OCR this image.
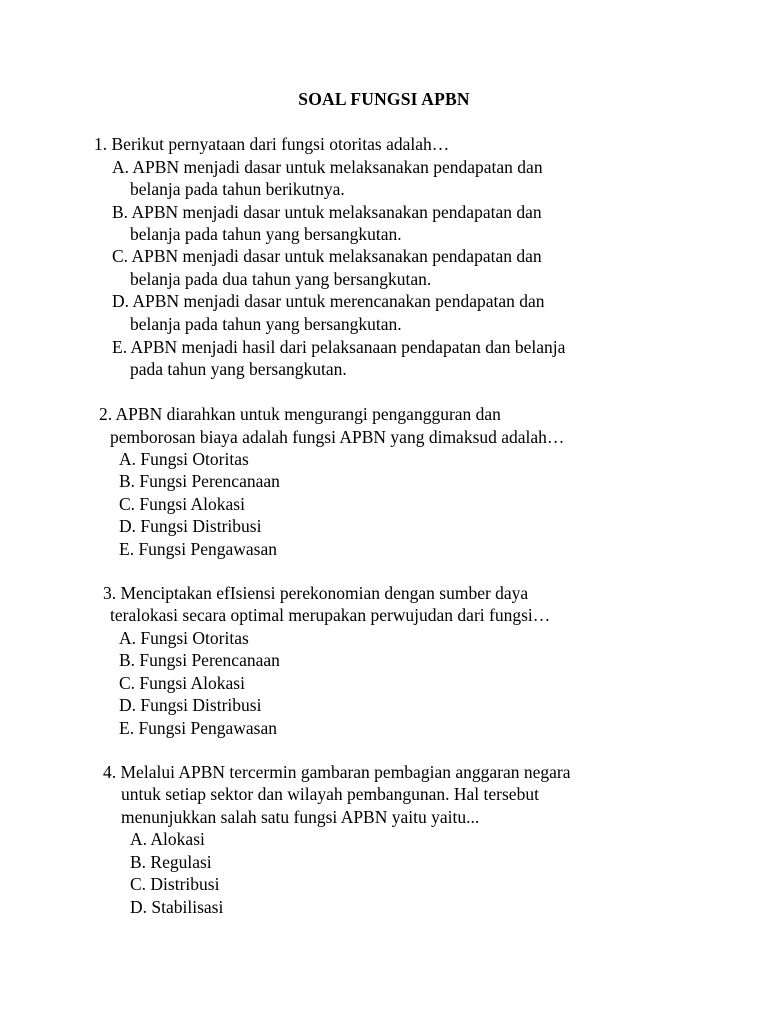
SOAL FUNGSI APBN
1. Berikut pernyataan dari fungsi otoritas adalah…
A. APBN menjadi dasar untuk melaksanakan pendapatan dan
belanja pada tahun berikutnya.
B. APBN menjadi dasar untuk melaksanakan pendapatan dan
belanja pada tahun yang bersangkutan.
C. APBN menjadi dasar untuk melaksanakan pendapatan dan
belanja pada dua tahun yang bersangkutan.
D. APBN menjadi dasar untuk merencanakan pendapatan dan
belanja pada tahun yang bersangkutan.
E. APBN menjadi hasil dari pelaksanaan pendapatan dan belanja
pada tahun yang bersangkutan.
2. APBN diarahkan untuk mengurangi pengangguran dan
pemborosan biaya adalah fungsi APBN yang dimaksud adalah…
A. Fungsi Otoritas
B. Fungsi Perencanaan
C. Fungsi Alokasi
D. Fungsi Distribusi
E. Fungsi Pengawasan
3. Menciptakan efIsiensi perekonomian dengan sumber daya
teralokasi secara optimal merupakan perwujudan dari fungsi…
A. Fungsi Otoritas
B. Fungsi Perencanaan
C. Fungsi Alokasi
D. Fungsi Distribusi
E. Fungsi Pengawasan
4. Melalui APBN tercermin gambaran pembagian anggaran negara
untuk setiap sektor dan wilayah pembangunan. Hal tersebut
menunjukkan salah satu fungsi APBN yaitu yaitu...
A. Alokasi
B. Regulasi
C. Distribusi
D. Stabilisasi
